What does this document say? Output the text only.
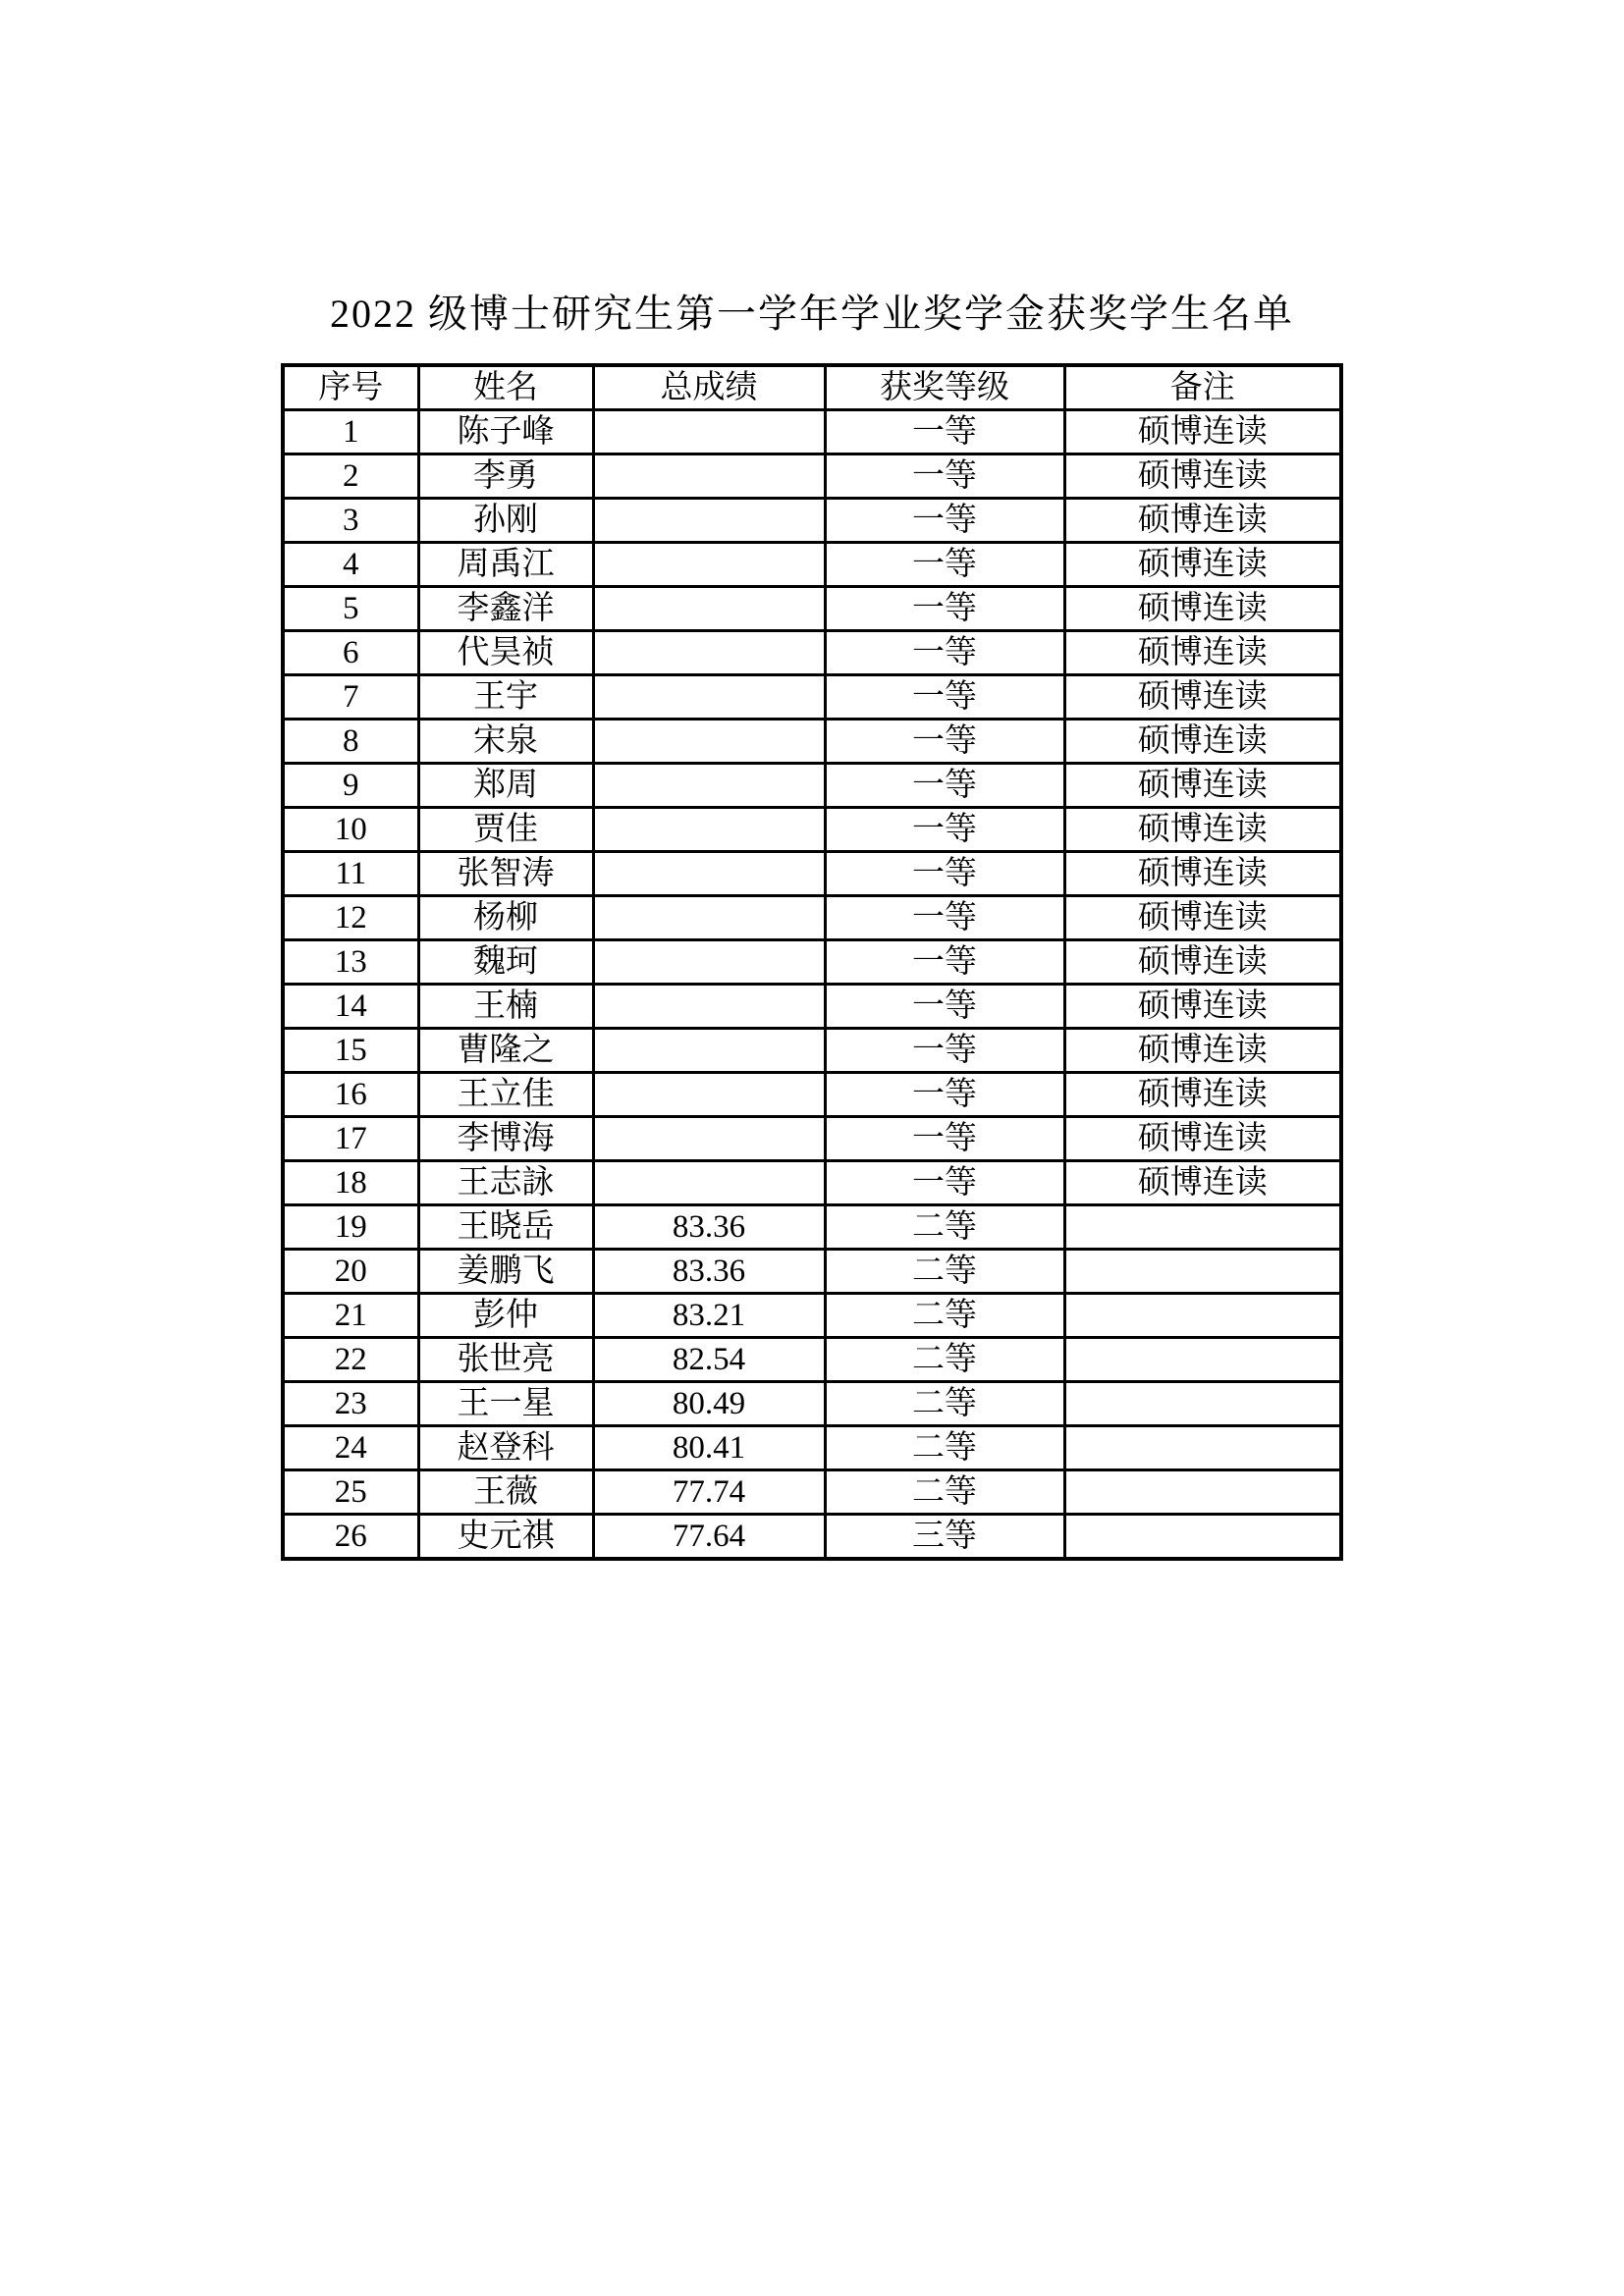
2022 级博士研究生第一学年学业奖学金获奖学生名单
序号	姓名	总成绩	获奖等级	备注
1	陈子峰		一等	硕博连读
2	李勇		一等	硕博连读
3	孙刚		一等	硕博连读
4	周禹江		一等	硕博连读
5	李鑫洋		一等	硕博连读
6	代昊祯		一等	硕博连读
7	王宇		一等	硕博连读
8	宋泉		一等	硕博连读
9	郑周		一等	硕博连读
10	贾佳		一等	硕博连读
11	张智涛		一等	硕博连读
12	杨柳		一等	硕博连读
13	魏珂		一等	硕博连读
14	王楠		一等	硕博连读
15	曹隆之		一等	硕博连读
16	王立佳		一等	硕博连读
17	李博海		一等	硕博连读
18	王志詠		一等	硕博连读
19	王晓岳	83.36	二等	
20	姜鹏飞	83.36	二等	
21	彭仲	83.21	二等	
22	张世亮	82.54	二等	
23	王一星	80.49	二等	
24	赵登科	80.41	二等	
25	王薇	77.74	二等	
26	史元祺	77.64	三等	
